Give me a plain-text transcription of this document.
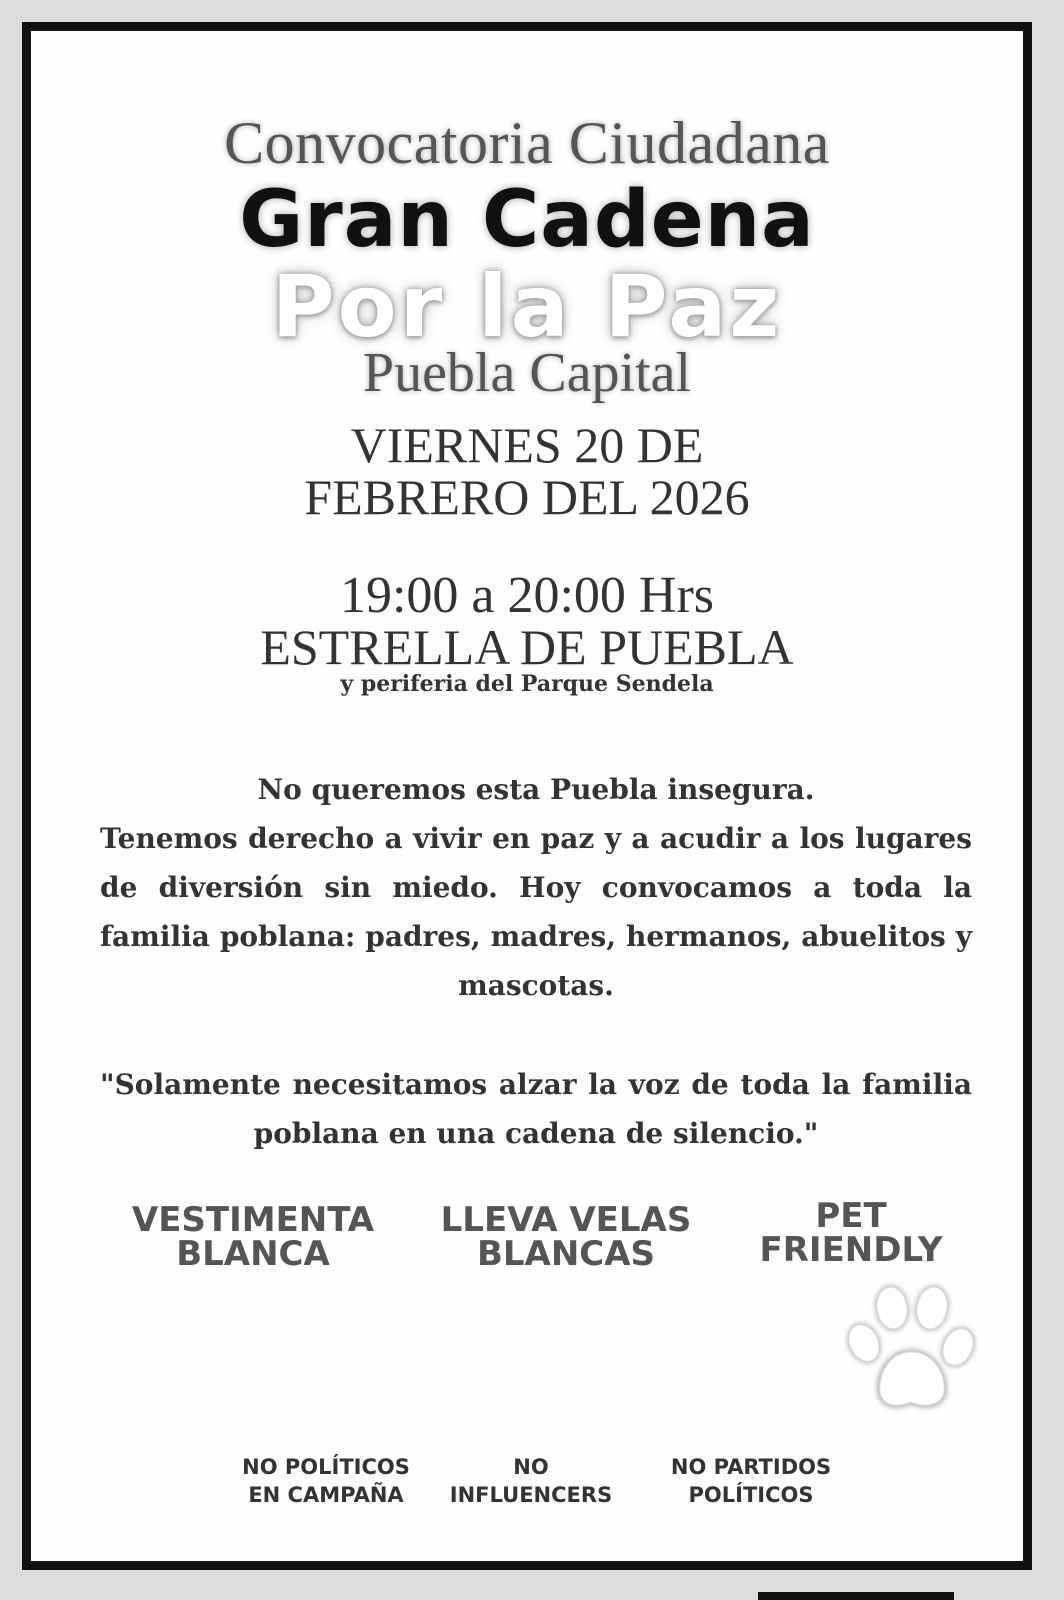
Convocatoria Ciudadana
Gran Cadena
Por la Paz
Puebla Capital
VIERNES 20 DE
FEBRERO DEL 2026
19:00 a 20:00 Hrs
ESTRELLA DE PUEBLA
y periferia del Parque Sendela
No queremos esta Puebla insegura.
Tenemos derecho a vivir en paz y a acudir a los lugares de diversión sin miedo. Hoy convocamos a toda la familia poblana: padres, madres, hermanos, abuelitos y mascotas.
"Solamente necesitamos alzar la voz de toda la familia poblana en una cadena de silencio."
VESTIMENTA
BLANCA
LLEVA VELAS
BLANCAS
PET
FRIENDLY
NO POLÍTICOS
EN CAMPAÑA
NO
INFLUENCERS
NO PARTIDOS
POLÍTICOS
